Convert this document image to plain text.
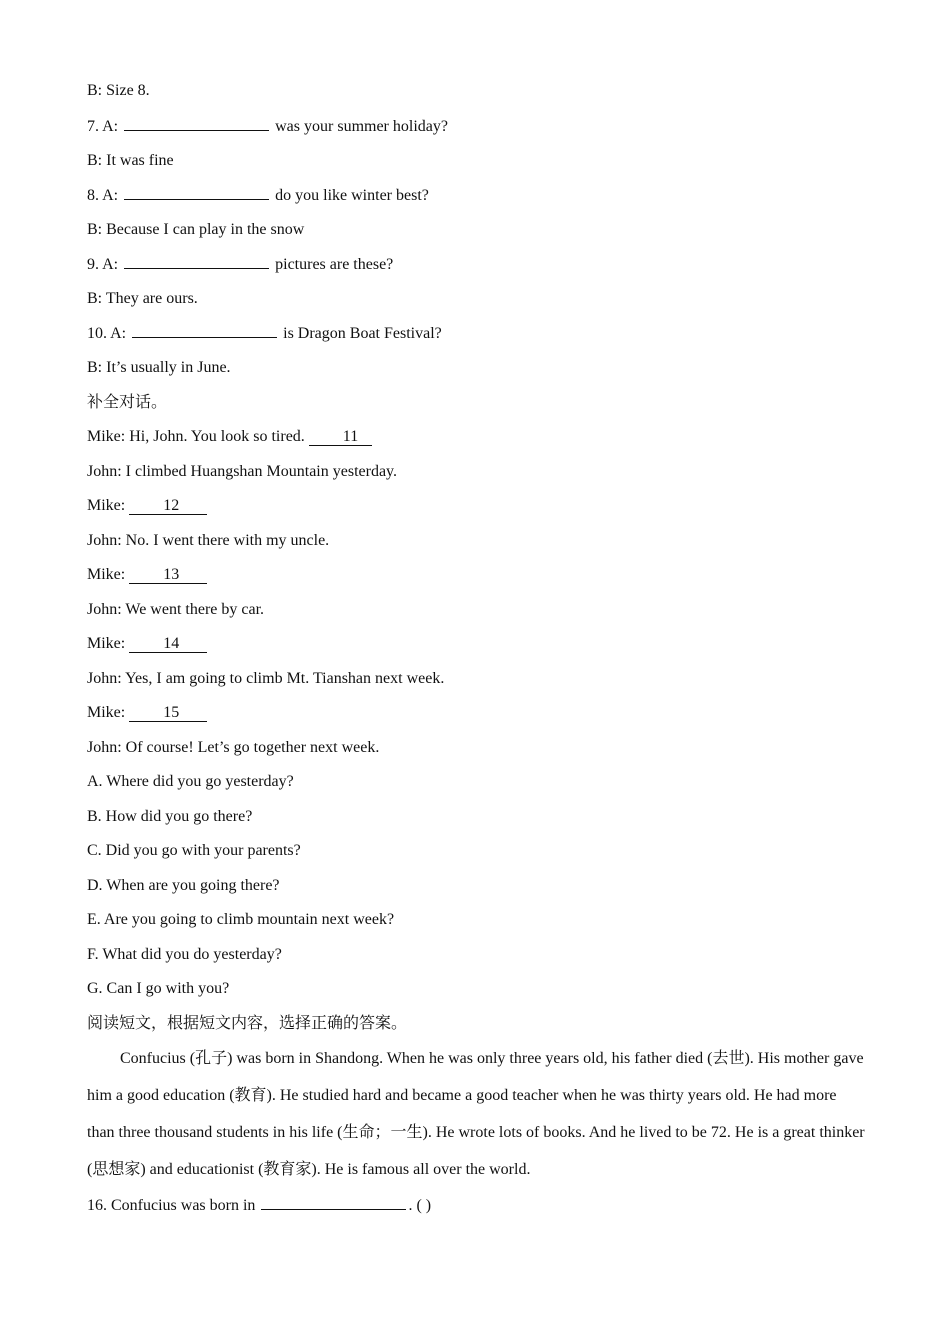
B: Size 8.
7. A:	was your summer holiday?
B: It was fine
8. A:	do you like winter best?
B: Because I can play in the snow
9. A:	pictures are these?
B: They are ours.
10. A:	is Dragon Boat Festival?
B: It’s usually in June.
补全对话。
Mike: Hi, John. You look so tired. 11
John: I climbed Huangshan Mountain yesterday.
Mike: 12
John: No. I went there with my uncle.
Mike: 13
John: We went there by car.
Mike: 14
John: Yes, I am going to climb Mt. Tianshan next week.
Mike: 15
John: Of course! Let’s go together next week.
A. Where did you go yesterday?
B. How did you go there?
C. Did you go with your parents?
D. When are you going there?
E. Are you going to climb mountain next week?
F. What did you do yesterday?
G. Can I go with you?
阅读短文，根据短文内容，选择正确的答案。
Confucius (孔子) was born in Shandong. When he was only three years old, his father died (去世). His mother gave him a good education (教育). He studied hard and became a good teacher when he was thirty years old. He had more than three thousand students in his life (生命；一生). He wrote lots of books. And he lived to be 72. He is a great thinker (思想家) and educationist (教育家). He is famous all over the world.
16. Confucius was born in	. ( )
